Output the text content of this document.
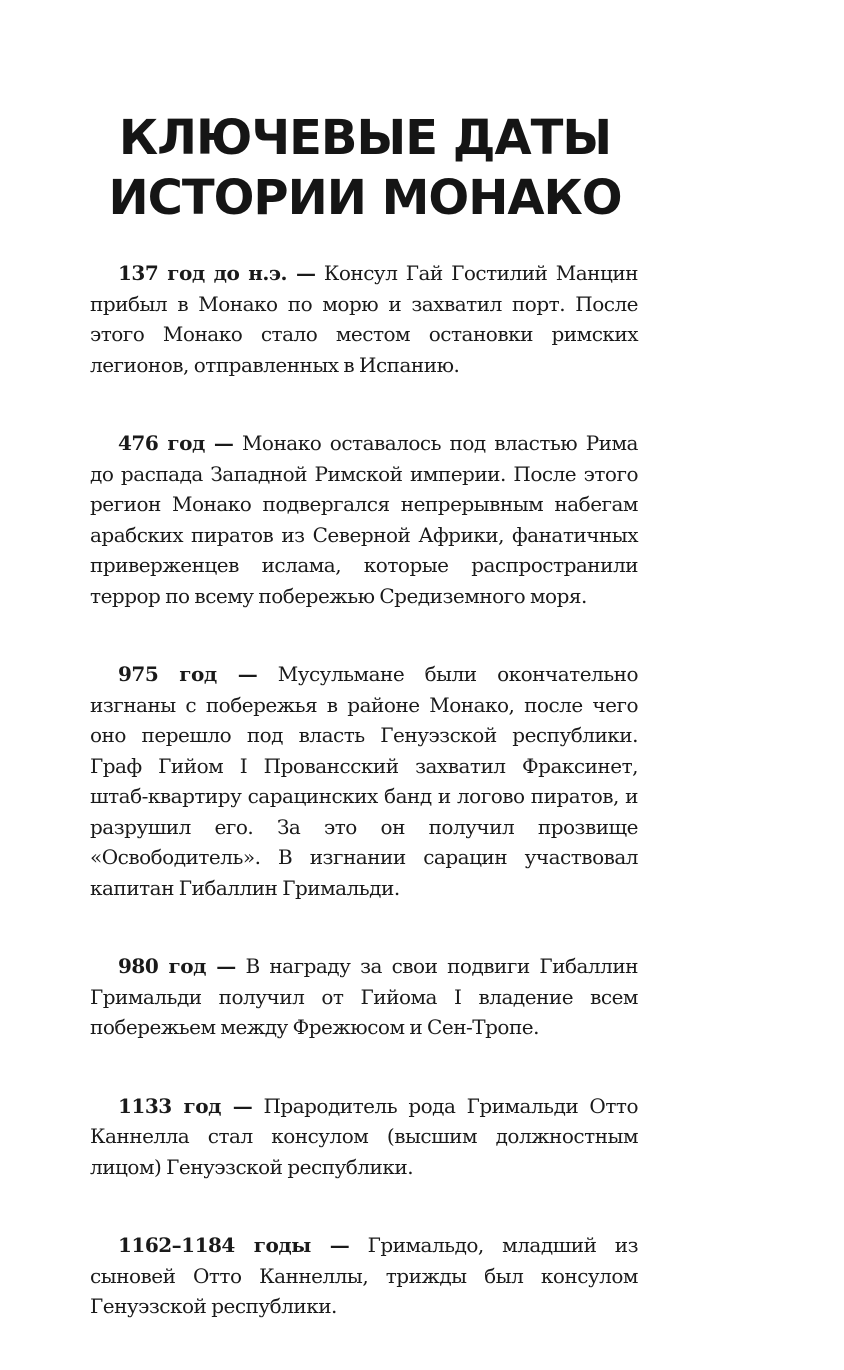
КЛЮЧЕВЫЕ ДАТЫ
ИСТОРИИ МОНАКО

137 год до н.э. — Консул Гай Гостилий Манцин прибыл в Монако по морю и захватил порт. После этого Монако стало местом остановки римских легионов, отправленных в Испанию.

476 год — Монако оставалось под властью Рима до распада Западной Римской империи. После этого регион Монако подвергался непрерывным набегам арабских пиратов из Северной Африки, фанатичных приверженцев ислама, которые распространили террор по всему побережью Средиземного моря.

975 год — Мусульмане были окончательно изгнаны с побережья в районе Монако, после чего оно перешло под власть Генуэзской республики. Граф Гийом I Провансский захватил Фраксинет, штаб-квартиру сарацинских банд и логово пиратов, и разрушил его. За это он получил прозвище «Освободитель». В изгнании сарацин участвовал капитан Гибаллин Гримальди.

980 год — В награду за свои подвиги Гибаллин Гримальди получил от Гийома I владение всем побережьем между Фрежюсом и Сен-Тропе.

1133 год — Прародитель рода Гримальди Отто Каннелла стал консулом (высшим должностным лицом) Генуэзской республики.

1162–1184 годы — Гримальдо, младший из сыновей Отто Каннеллы, трижды был консулом Генуэзской республики.
